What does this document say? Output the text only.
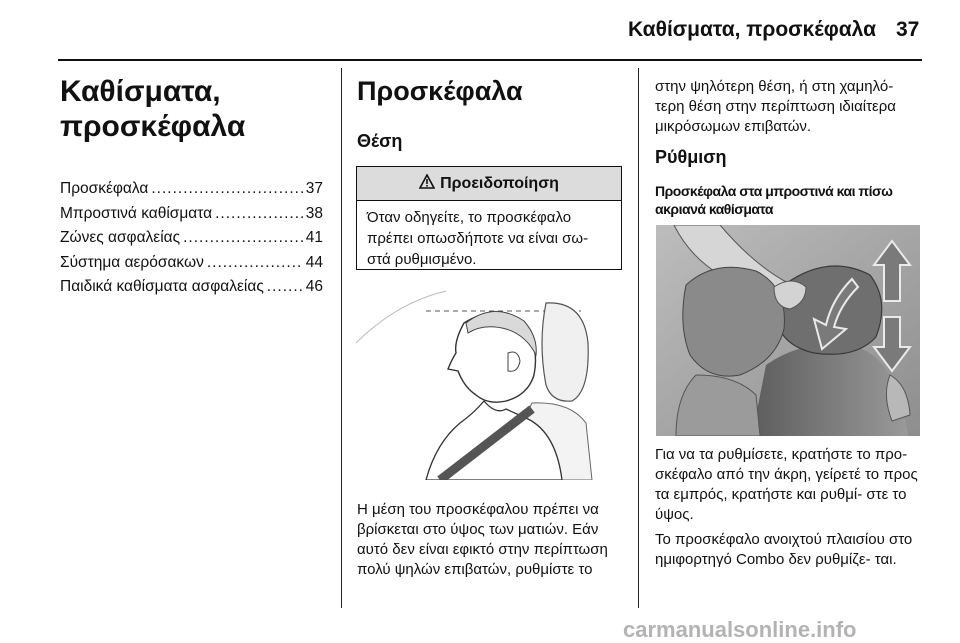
Καθίσματα, προσκέφαλα 37
Καθίσματα, προσκέφαλα
Προσκέφαλα .....	37
Μπροστινά καθίσματα .....	38
Ζώνες ασφαλείας .....	41
Σύστημα αερόσακων .....	44
Παιδικά καθίσματα ασφαλείας .....	46
Προσκέφαλα
Θέση
Προειδοποίηση
Όταν οδηγείτε, το προσκέφαλο πρέπει οπωσδήποτε να είναι σω- στά ρυθμισμένο.

Η μέση του προσκέφαλου πρέπει να βρίσκεται στο ύψος των ματιών. Εάν αυτό δεν είναι εφικτό στην περίπτωση πολύ ψηλών επιβατών, ρυθμίστε το

στην ψηλότερη θέση, ή στη χαμηλό- τερη θέση στην περίπτωση ιδιαίτερα μικρόσωμων επιβατών.

Ρύθμιση
Προσκέφαλα στα μπροστινά και πίσω ακριανά καθίσματα

Για να τα ρυθμίσετε, κρατήστε το προ- σκέφαλο από την άκρη, γείρετέ το προς τα εμπρός, κρατήστε και ρυθμί- στε το ύψος.

Το προσκέφαλο ανοιχτού πλαισίου στο ημιφορτηγό Combo δεν ρυθμίζε- ται.

carmanualsonline.info
